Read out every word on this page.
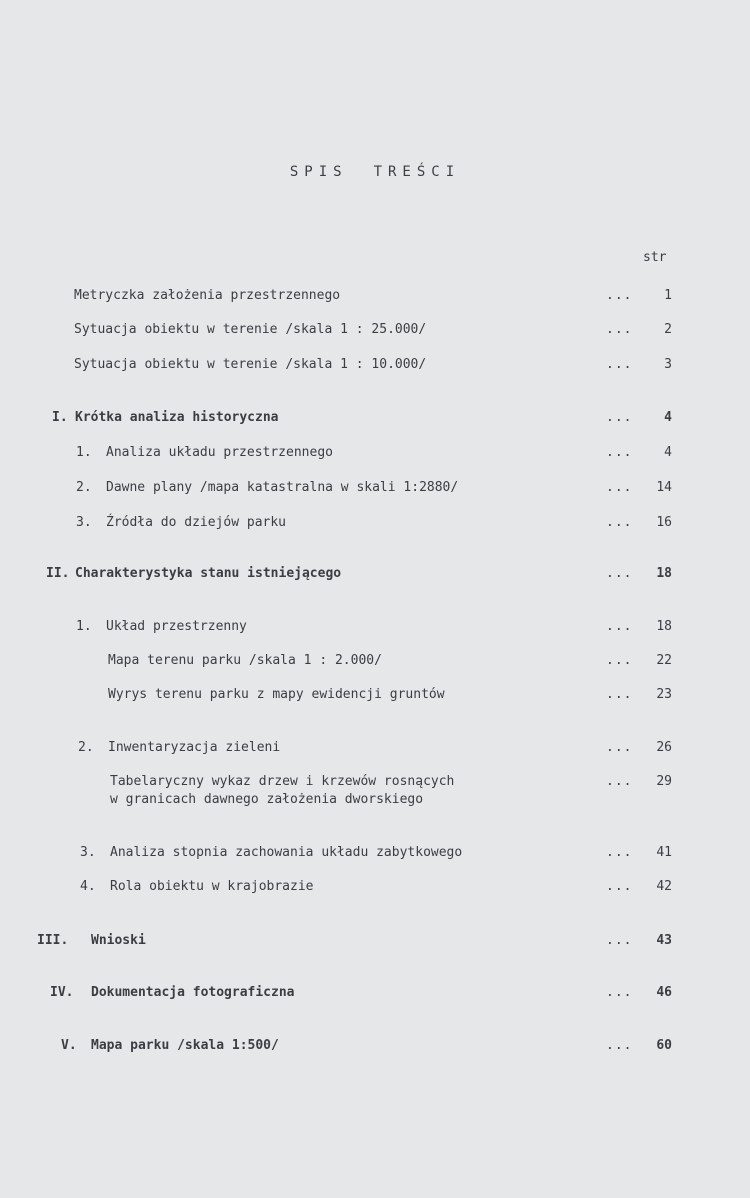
SPIS TREŚCI
str
Metryczka założenia przestrzennego	...	1
Sytuacja obiektu w terenie /skala 1 : 25.000/	...	2
Sytuacja obiektu w terenie /skala 1 : 10.000/	...	3
I. Krótka analiza historyczna	...	4
1. Analiza układu przestrzennego	...	4
2. Dawne plany /mapa katastralna w skali 1:2880/	...	14
3. Źródła do dziejów parku	...	16
II. Charakterystyka stanu istniejącego	...	18
1. Układ przestrzenny	...	18
Mapa terenu parku /skala 1 : 2.000/	...	22
Wyrys terenu parku z mapy ewidencji gruntów	...	23
2. Inwentaryzacja zieleni	...	26
Tabelaryczny wykaz drzew i krzewów rosnących
w granicach dawnego założenia dworskiego
...	29
3. Analiza stopnia zachowania układu zabytkowego	...	41
4. Rola obiektu w krajobrazie	...	42
III. Wnioski	...	43
IV. Dokumentacja fotograficzna	...	46
V. Mapa parku /skala 1:500/	...	60
